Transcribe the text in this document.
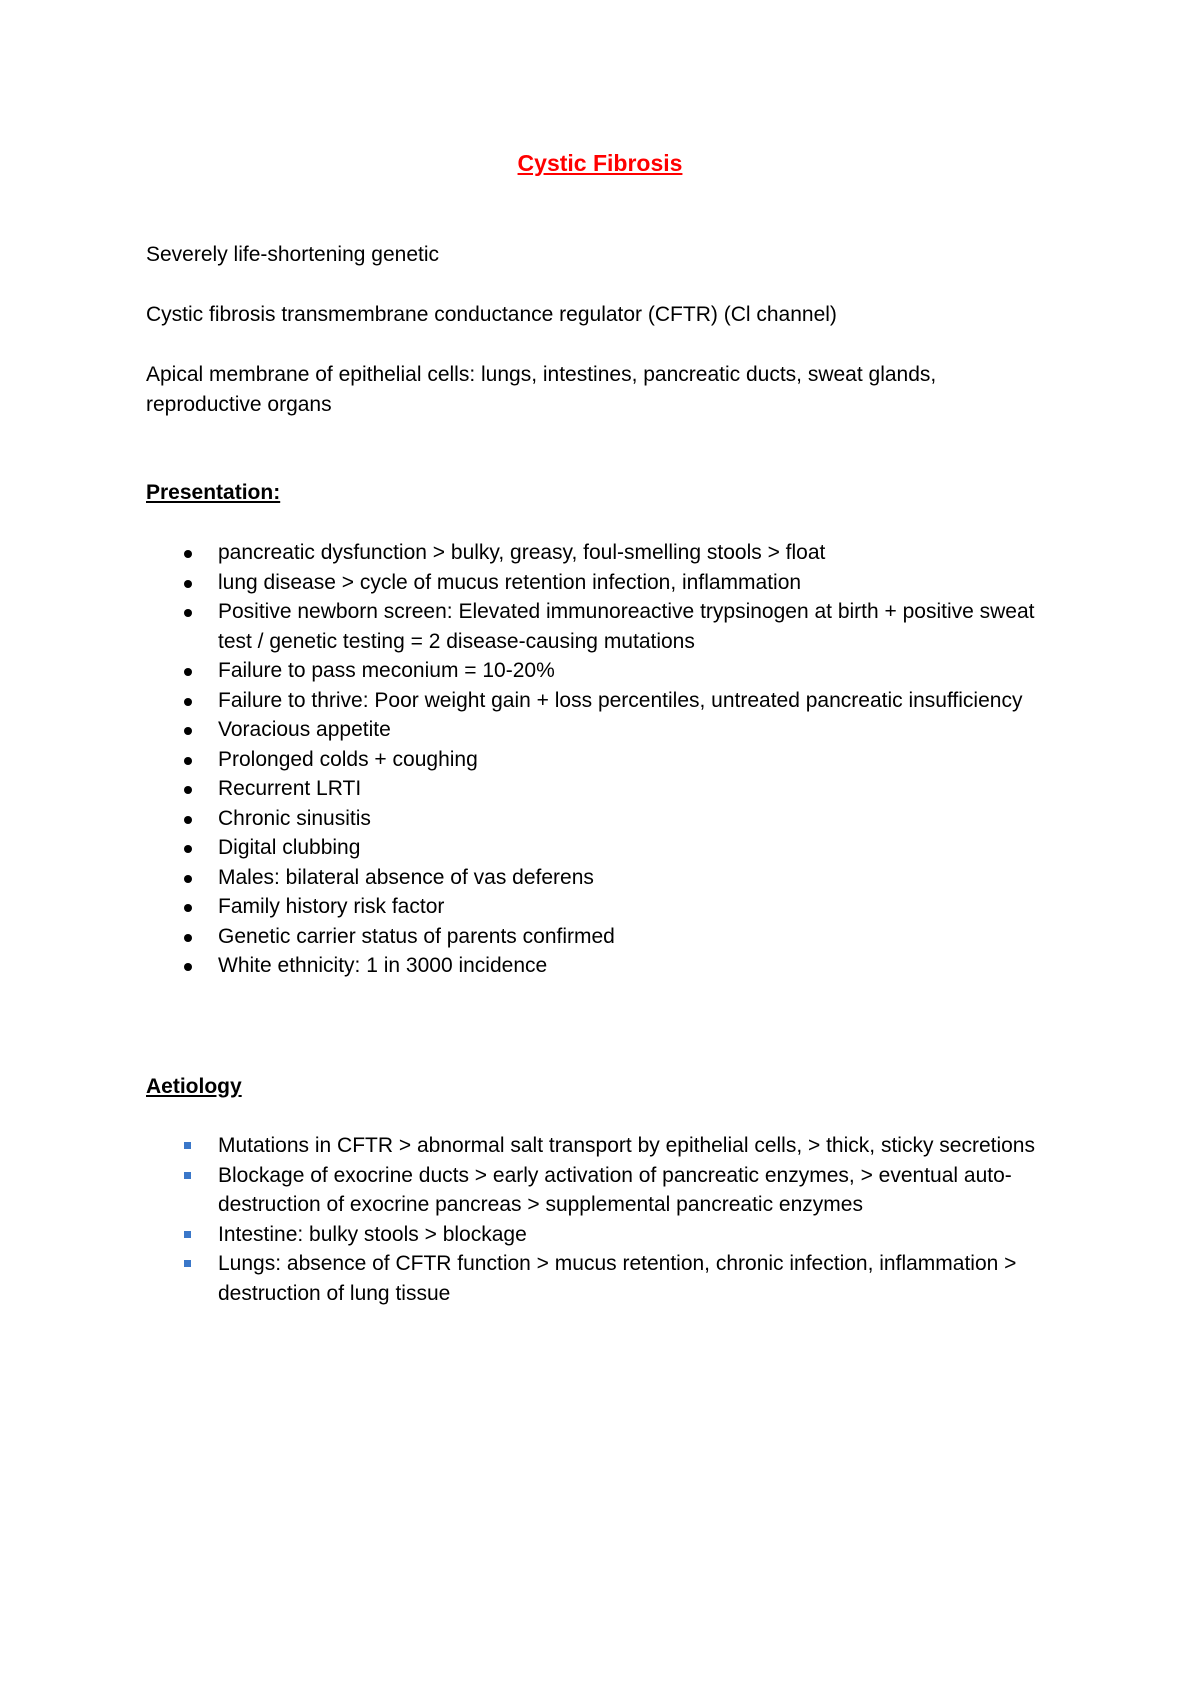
Cystic Fibrosis
Severely life-shortening genetic
Cystic fibrosis transmembrane conductance regulator (CFTR) (Cl channel)
Apical membrane of epithelial cells: lungs, intestines, pancreatic ducts, sweat glands, reproductive organs
Presentation:
pancreatic dysfunction > bulky, greasy, foul-smelling stools > float
lung disease > cycle of mucus retention infection, inflammation
Positive newborn screen: Elevated immunoreactive trypsinogen at birth + positive sweat test / genetic testing = 2 disease-causing mutations
Failure to pass meconium = 10-20%
Failure to thrive: Poor weight gain + loss percentiles, untreated pancreatic insufficiency
Voracious appetite
Prolonged colds + coughing
Recurrent LRTI
Chronic sinusitis
Digital clubbing
Males: bilateral absence of vas deferens
Family history risk factor
Genetic carrier status of parents confirmed
White ethnicity: 1 in 3000 incidence
Aetiology
Mutations in CFTR > abnormal salt transport by epithelial cells, > thick, sticky secretions
Blockage of exocrine ducts > early activation of pancreatic enzymes, > eventual auto-destruction of exocrine pancreas > supplemental pancreatic enzymes
Intestine: bulky stools > blockage
Lungs: absence of CFTR function > mucus retention, chronic infection, inflammation > destruction of lung tissue
